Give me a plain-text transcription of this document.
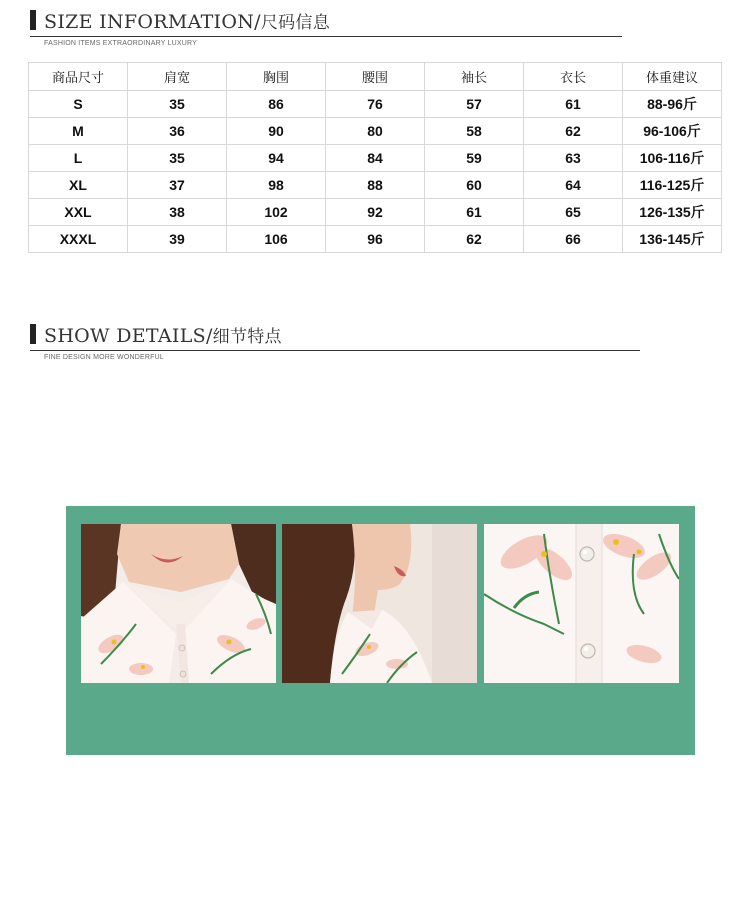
SIZE INFORMATION/尺码信息
FASHION ITEMS EXTRAORDINARY LUXURY
商品尺寸	肩宽	胸围	腰围	袖长	衣长	体重建议
S	35	86	76	57	61	88-96斤
M	36	90	80	58	62	96-106斤
L	35	94	84	59	63	106-116斤
XL	37	98	88	60	64	116-125斤
XXL	38	102	92	61	65	126-135斤
XXXL	39	106	96	62	66	136-145斤
SHOW DETAILS/细节特点
FINE DESIGN MORE WONDERFUL
